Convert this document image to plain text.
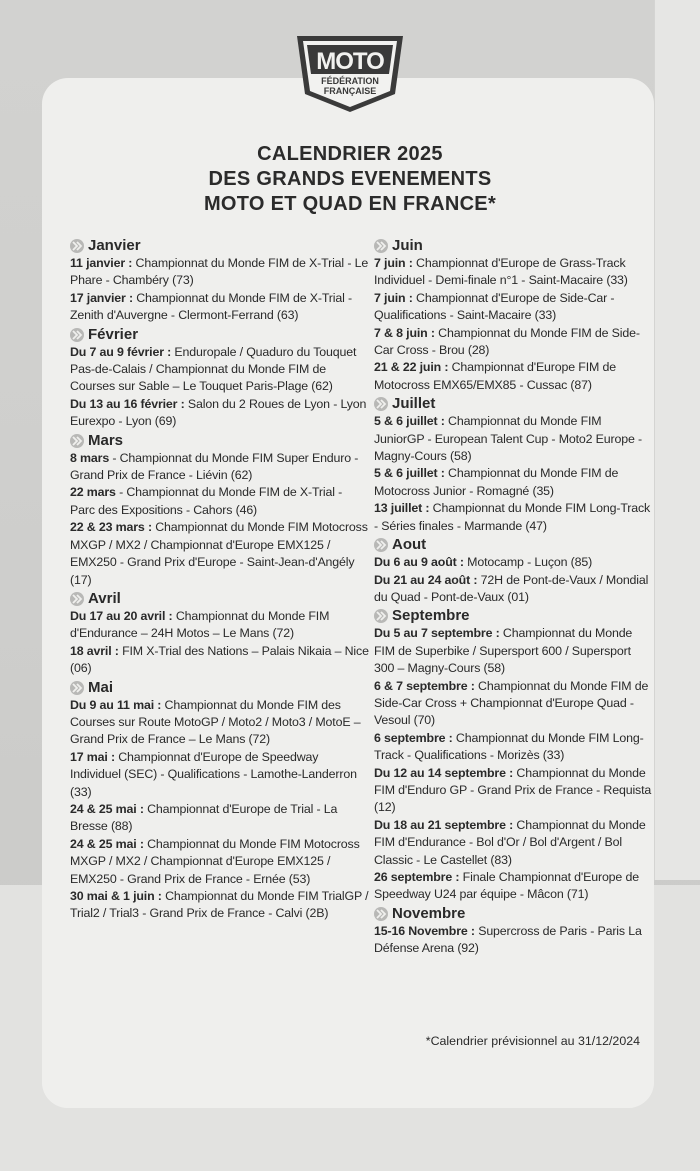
MOTO
FÉDÉRATION
FRANÇAISE
CALENDRIER 2025
DES GRANDS EVENEMENTS
MOTO ET QUAD EN FRANCE*
Janvier
11 janvier : Championnat du Monde FIM de X-Trial - Le Phare - Chambéry (73)
17 janvier : Championnat du Monde FIM de X-Trial - Zenith d'Auvergne - Clermont-Ferrand (63)
Février
Du 7 au 9 février : Enduropale / Quaduro du Touquet Pas-de-Calais / Championnat du Monde FIM de Courses sur Sable – Le Touquet Paris-Plage (62)
Du 13 au 16 février : Salon du 2 Roues de Lyon - Lyon Eurexpo - Lyon (69)
Mars
8 mars - Championnat du Monde FIM Super Enduro - Grand Prix de France - Liévin (62)
22 mars - Championnat du Monde FIM de X-Trial - Parc des Expositions - Cahors (46)
22 & 23 mars : Championnat du Monde FIM Motocross MXGP / MX2 / Championnat d'Europe EMX125 / EMX250 - Grand Prix d'Europe - Saint-Jean-d'Angély (17)
Avril
Du 17 au 20 avril : Championnat du Monde FIM d'Endurance – 24H Motos – Le Mans (72)
18 avril : FIM X-Trial des Nations – Palais Nikaia – Nice (06)
Mai
Du 9 au 11 mai : Championnat du Monde FIM des Courses sur Route MotoGP / Moto2 / Moto3 / MotoE – Grand Prix de France – Le Mans (72)
17 mai : Championnat d'Europe de Speedway Individuel (SEC) - Qualifications - Lamothe-Landerron (33)
24 & 25 mai : Championnat d'Europe de Trial - La Bresse (88)
24 & 25 mai : Championnat du Monde FIM Motocross MXGP / MX2 / Championnat d'Europe EMX125 / EMX250 - Grand Prix de France - Ernée (53)
30 mai & 1 juin : Championnat du Monde FIM TrialGP / Trial2 / Trial3 - Grand Prix de France - Calvi (2B)
Juin
7 juin : Championnat d'Europe de Grass-Track Individuel - Demi-finale n°1 - Saint-Macaire (33)
7 juin : Championnat d'Europe de Side-Car - Qualifications - Saint-Macaire (33)
7 & 8 juin : Championnat du Monde FIM de Side-Car Cross - Brou (28)
21 & 22 juin : Championnat d'Europe FIM de Motocross EMX65/EMX85 - Cussac (87)
Juillet
5 & 6 juillet : Championnat du Monde FIM JuniorGP - European Talent Cup - Moto2 Europe - Magny-Cours (58)
5 & 6 juillet : Championnat du Monde FIM de Motocross Junior - Romagné (35)
13 juillet : Championnat du Monde FIM Long-Track - Séries finales - Marmande (47)
Aout
Du 6 au 9 août : Motocamp - Luçon (85)
Du 21 au 24 août : 72H de Pont-de-Vaux / Mondial du Quad - Pont-de-Vaux (01)
Septembre
Du 5 au 7 septembre : Championnat du Monde FIM de Superbike / Supersport 600 / Supersport 300 – Magny-Cours (58)
6 & 7 septembre : Championnat du Monde FIM de Side-Car Cross + Championnat d'Europe Quad - Vesoul (70)
6 septembre : Championnat du Monde FIM Long-Track - Qualifications - Morizès (33)
Du 12 au 14 septembre : Championnat du Monde FIM d'Enduro GP - Grand Prix de France - Requista (12)
Du 18 au 21 septembre : Championnat du Monde FIM d'Endurance - Bol d'Or / Bol d'Argent / Bol Classic - Le Castellet (83)
26 septembre : Finale Championnat d'Europe de Speedway U24 par équipe - Mâcon (71)
Novembre
15-16 Novembre : Supercross de Paris - Paris La Défense Arena (92)
*Calendrier prévisionnel au 31/12/2024
